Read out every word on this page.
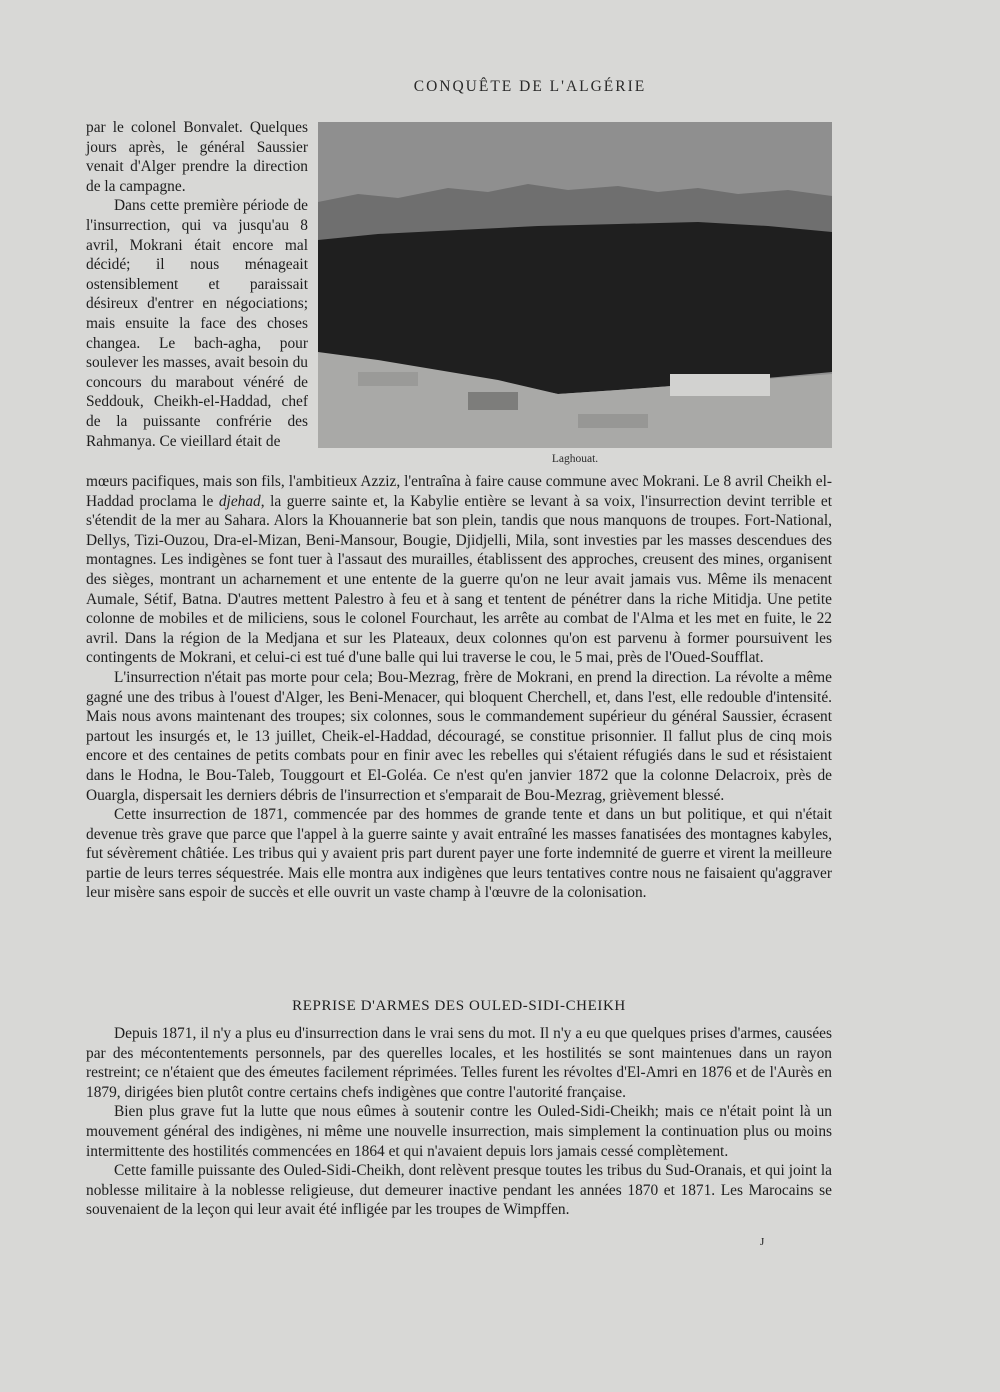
CONQUÊTE DE L'ALGÉRIE
Laghouat.

par le colonel Bonvalet. Quelques jours après, le général Saussier venait d'Alger prendre la direction de la campagne.

Dans cette première période de l'insurrection, qui va jusqu'au 8 avril, Mokrani était encore mal décidé; il nous ménageait ostensiblement et paraissait désireux d'entrer en négociations; mais ensuite la face des choses changea. Le bach-agha, pour soulever les masses, avait besoin du concours du marabout vénéré de Seddouk, Cheikh-el-Haddad, chef de la puissante confrérie des Rahmanya. Ce vieillard était de

mœurs pacifiques, mais son fils, l'ambitieux Azziz, l'entraîna à faire cause commune avec Mokrani. Le 8 avril Cheikh el-Haddad proclama le djehad, la guerre sainte et, la Kabylie entière se levant à sa voix, l'insurrection devint terrible et s'étendit de la mer au Sahara. Alors la Khouannerie bat son plein, tandis que nous manquons de troupes. Fort-National, Dellys, Tizi-Ouzou, Dra-el-Mizan, Beni-Mansour, Bougie, Djidjelli, Mila, sont investies par les masses descendues des montagnes. Les indigènes se font tuer à l'assaut des murailles, établissent des approches, creusent des mines, organisent des sièges, montrant un acharnement et une entente de la guerre qu'on ne leur avait jamais vus. Même ils menacent Aumale, Sétif, Batna. D'autres mettent Palestro à feu et à sang et tentent de pénétrer dans la riche Mitidja. Une petite colonne de mobiles et de miliciens, sous le colonel Fourchaut, les arrête au combat de l'Alma et les met en fuite, le 22 avril. Dans la région de la Medjana et sur les Plateaux, deux colonnes qu'on est parvenu à former poursuivent les contingents de Mokrani, et celui-ci est tué d'une balle qui lui traverse le cou, le 5 mai, près de l'Oued-Soufflat.

L'insurrection n'était pas morte pour cela; Bou-Mezrag, frère de Mokrani, en prend la direction. La révolte a même gagné une des tribus à l'ouest d'Alger, les Beni-Menacer, qui bloquent Cherchell, et, dans l'est, elle redouble d'intensité. Mais nous avons maintenant des troupes; six colonnes, sous le commandement supérieur du général Saussier, écrasent partout les insurgés et, le 13 juillet, Cheik-el-Haddad, découragé, se constitue prisonnier. Il fallut plus de cinq mois encore et des centaines de petits combats pour en finir avec les rebelles qui s'étaient réfugiés dans le sud et résistaient dans le Hodna, le Bou-Taleb, Touggourt et El-Goléa. Ce n'est qu'en janvier 1872 que la colonne Delacroix, près de Ouargla, dispersait les derniers débris de l'insurrection et s'emparait de Bou-Mezrag, grièvement blessé.

Cette insurrection de 1871, commencée par des hommes de grande tente et dans un but politique, et qui n'était devenue très grave que parce que l'appel à la guerre sainte y avait entraîné les masses fanatisées des montagnes kabyles, fut sévèrement châtiée. Les tribus qui y avaient pris part durent payer une forte indemnité de guerre et virent la meilleure partie de leurs terres séquestrée. Mais elle montra aux indigènes que leurs tentatives contre nous ne faisaient qu'aggraver leur misère sans espoir de succès et elle ouvrit un vaste champ à l'œuvre de la colonisation.

REPRISE D'ARMES DES OULED-SIDI-CHEIKH

Depuis 1871, il n'y a plus eu d'insurrection dans le vrai sens du mot. Il n'y a eu que quelques prises d'armes, causées par des mécontentements personnels, par des querelles locales, et les hostilités se sont maintenues dans un rayon restreint; ce n'étaient que des émeutes facilement réprimées. Telles furent les révoltes d'El-Amri en 1876 et de l'Aurès en 1879, dirigées bien plutôt contre certains chefs indigènes que contre l'autorité française.

Bien plus grave fut la lutte que nous eûmes à soutenir contre les Ouled-Sidi-Cheikh; mais ce n'était point là un mouvement général des indigènes, ni même une nouvelle insurrection, mais simplement la continuation plus ou moins intermittente des hostilités commencées en 1864 et qui n'avaient depuis lors jamais cessé complètement.

Cette famille puissante des Ouled-Sidi-Cheikh, dont relèvent presque toutes les tribus du Sud-Oranais, et qui joint la noblesse militaire à la noblesse religieuse, dut demeurer inactive pendant les années 1870 et 1871. Les Marocains se souvenaient de la leçon qui leur avait été infligée par les troupes de Wimpffen.

J
